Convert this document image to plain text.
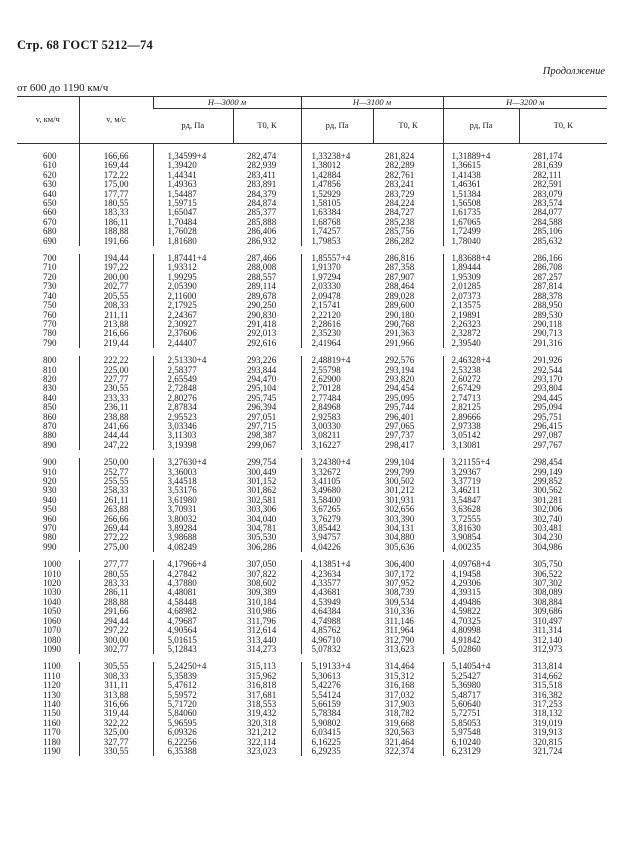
Стр. 68 ГОСТ 5212—74
Продолжение
от 600 до 1190 км/ч
v, км/ч	v, м/с	H—3000 м		H—3100 м		H—3200 м	
		pд, Па	T0, К	pд, Па	T0, К	pд, Па	T0, К
600	166,66	1,34599+4	282,474	1,33238+4	281,824	1,31889+4	281,174
610	169,44	1,39420	282,939	1,38012	282,289	1,36615	281,639
620	172,22	1,44341	283,411	1,42884	282,761	1,41438	282,111
630	175,00	1,49363	283,891	1,47856	283,241	1,46361	282,591
640	177,77	1,54487	284,379	1,52929	283,729	1,51384	283,079
650	180,55	1,59715	284,874	1,58105	284,224	1,56508	283,574
660	183,33	1,65047	285,377	1,63384	284,727	1,61735	284,077
670	186,11	1,70484	285,888	1,68768	285,238	1,67065	284,588
680	188,88	1,76028	286,406	1,74257	285,756	1,72499	285,106
690	191,66	1,81680	286,932	1,79853	286,282	1,78040	285,632

700	194,44	1,87441+4	287,466	1,85557+4	286,816	1,83688+4	286,166
710	197,22	1,93312	288,008	1,91370	287,358	1,89444	286,708
720	200,00	1,99295	288,557	1,97294	287,907	1,95309	287,257
730	202,77	2,05390	289,114	2,03330	288,464	2,01285	287,814
740	205,55	2,11600	289,678	2,09478	289,028	2,07373	288,378
750	208,33	2,17925	290,250	2,15741	289,600	2,13575	288,950
760	211,11	2,24367	290,830	2,22120	290,180	2,19891	289,530
770	213,88	2,30927	291,418	2,28616	290,768	2,26323	290,118
780	216,66	2,37606	292,013	2,35230	291,363	2,32872	290,713
790	219,44	2,44407	292,616	2,41964	291,966	2,39540	291,316

800	222,22	2,51330+4	293,226	2,48819+4	292,576	2,46328+4	291,926
810	225,00	2,58377	293,844	2,55798	293,194	2,53238	292,544
820	227,77	2,65549	294,470	2,62900	293,820	2,60272	293,170
830	230,55	2,72848	295,104	2,70128	294,454	2,67429	293,804
840	233,33	2,80276	295,745	2,77484	295,095	2,74713	294,445
850	236,11	2,87834	296,394	2,84968	295,744	2,82125	295,094
860	238,88	2,95523	297,051	2,92583	296,401	2,89666	295,751
870	241,66	3,03346	297,715	3,00330	297,065	2,97338	296,415
880	244,44	3,11303	298,387	3,08211	297,737	3,05142	297,087
890	247,22	3,19398	299,067	3,16227	298,417	3,13081	297,767

900	250,00	3,27630+4	299,754	3,24380+4	299,104	3,21155+4	298,454
910	252,77	3,36003	300,449	3,32672	299,799	3,29367	299,149
920	255,55	3,44518	301,152	3,41105	300,502	3,37719	299,852
930	258,33	3,53176	301,862	3,49680	301,212	3,46211	300,562
940	261,11	3,61980	302,581	3,58400	301,931	3,54847	301,281
950	263,88	3,70931	303,306	3,67265	302,656	3,63628	302,006
960	266,66	3,80032	304,040	3,76279	303,390	3,72555	302,740
970	269,44	3,89284	304,781	3,85442	304,131	3,81630	303,481
980	272,22	3,98688	305,530	3,94757	304,880	3,90854	304,230
990	275,00	4,08249	306,286	4,04226	305,636	4,00235	304,986

1000	277,77	4,17966+4	307,050	4,13851+4	306,400	4,09768+4	305,750
1010	280,55	4,27842	307,822	4,23634	307,172	4,19458	306,522
1020	283,33	4,37880	308,602	4,33577	307,952	4,29306	307,302
1030	286,11	4,48081	309,389	4,43681	308,739	4,39315	308,089
1040	288,88	4,58448	310,184	4,53949	309,534	4,49486	308,884
1050	291,66	4,68982	310,986	4,64384	310,336	4,59822	309,686
1060	294,44	4,79687	311,796	4,74988	311,146	4,70325	310,497
1070	297,22	4,90564	312,614	4,85762	311,964	4,80998	311,314
1080	300,00	5,01615	313,440	4,96710	312,790	4,91842	312,140
1090	302,77	5,12843	314,273	5,07832	313,623	5,02860	312,973

1100	305,55	5,24250+4	315,113	5,19133+4	314,464	5,14054+4	313,814
1110	308,33	5,35839	315,962	5,30613	315,312	5,25427	314,662
1120	311,11	5,47612	316,818	5,42276	316,168	5,36980	315,518
1130	313,88	5,59572	317,681	5,54124	317,032	5,48717	316,382
1140	316,66	5,71720	318,553	5,66159	317,903	5,60640	317,253
1150	319,44	5,84060	319,432	5,78384	318,782	5,72751	318,132
1160	322,22	5,96595	320,318	5,90802	319,668	5,85053	319,019
1170	325,00	6,09326	321,212	6,03415	320,563	5,97548	319,913
1180	327,77	6,22256	322,114	6,16225	321,464	6,10240	320,815
1190	330,55	6,35388	323,023	6,29235	322,374	6,23129	321,724
